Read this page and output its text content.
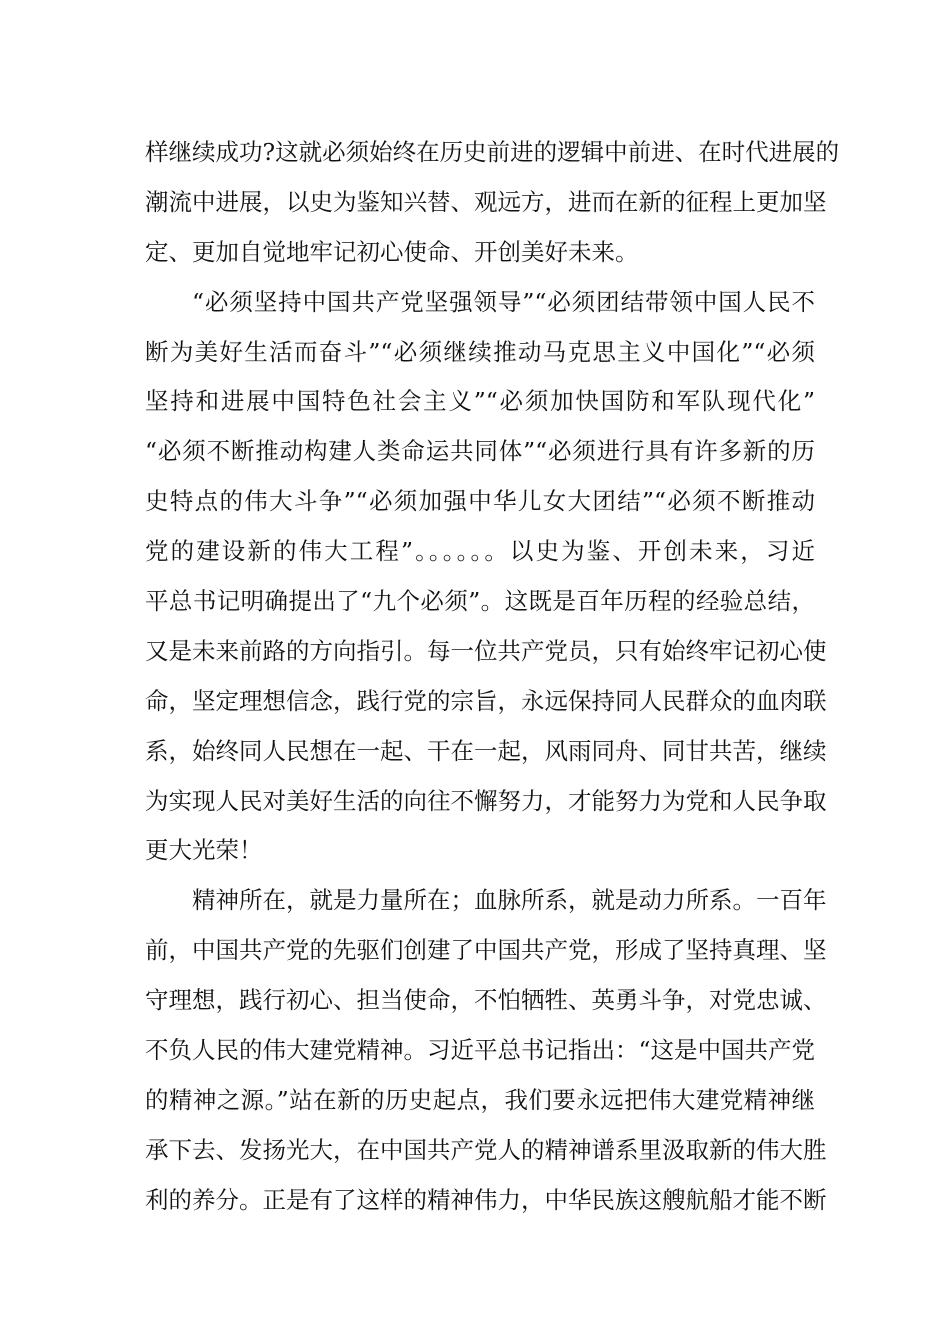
样继续成功?这就必须始终在历史前进的逻辑中前进、在时代进展的
潮流中进展，以史为鉴知兴替、观远方，进而在新的征程上更加坚
定、更加自觉地牢记初心使命、开创美好未来。
“必须坚持中国共产党坚强领导”“必须团结带领中国人民不
断为美好生活而奋斗”“必须继续推动马克思主义中国化”“必须
坚持和进展中国特色社会主义”“必须加快国防和军队现代化”
“必须不断推动构建人类命运共同体”“必须进行具有许多新的历
史特点的伟大斗争”“必须加强中华儿女大团结”“必须不断推动
党的建设新的伟大工程”。。。。。。以史为鉴、开创未来，习近
平总书记明确提出了“九个必须”。这既是百年历程的经验总结，
又是未来前路的方向指引。每一位共产党员，只有始终牢记初心使
命，坚定理想信念，践行党的宗旨，永远保持同人民群众的血肉联
系，始终同人民想在一起、干在一起，风雨同舟、同甘共苦，继续
为实现人民对美好生活的向往不懈努力，才能努力为党和人民争取
更大光荣！
精神所在，就是力量所在；血脉所系，就是动力所系。一百年
前，中国共产党的先驱们创建了中国共产党，形成了坚持真理、坚
守理想，践行初心、担当使命，不怕牺牲、英勇斗争，对党忠诚、
不负人民的伟大建党精神。习近平总书记指出：“这是中国共产党
的精神之源。”站在新的历史起点，我们要永远把伟大建党精神继
承下去、发扬光大，在中国共产党人的精神谱系里汲取新的伟大胜
利的养分。正是有了这样的精神伟力，中华民族这艘航船才能不断
